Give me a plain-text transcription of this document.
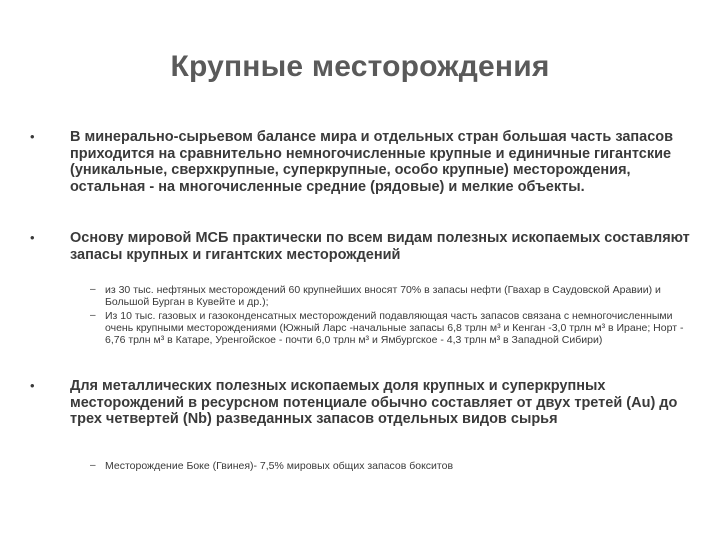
Крупные месторождения
•	В минерально-сырьевом балансе мира и отдельных стран большая часть запасов приходится на сравнительно немногочисленные крупные и единичные гигантские (уникальные, сверхкрупные, суперкрупные, особо крупные) месторождения, остальная - на многочисленные средние (рядовые) и мелкие объекты.
•	Основу мировой МСБ практически по всем видам полезных ископаемых составляют запасы крупных и гигантских месторождений
– из 30 тыс. нефтяных месторождений 60 крупнейших вносят 70% в запасы нефти (Гвахар в Саудовской Аравии) и Большой Бурган в Кувейте и др.);
– Из 10 тыс. газовых и газоконденсатных месторождений подавляющая часть запасов связана с немногочисленными очень крупными месторождениями (Южный Ларс -начальные запасы 6,8 трлн м³ и Кенган -3,0 трлн м³ в Иране; Норт - 6,76 трлн м³ в Катаре, Уренгойское - почти 6,0 трлн м³ и Ямбургское - 4,3 трлн м³ в Западной Сибири)
•	Для металлических полезных ископаемых доля крупных и суперкрупных месторождений в ресурсном потенциале обычно составляет от двух третей (Au) до трех четвертей (Nb) разведанных запасов отдельных видов сырья
– Месторождение Боке (Гвинея)- 7,5% мировых общих запасов бокситов
